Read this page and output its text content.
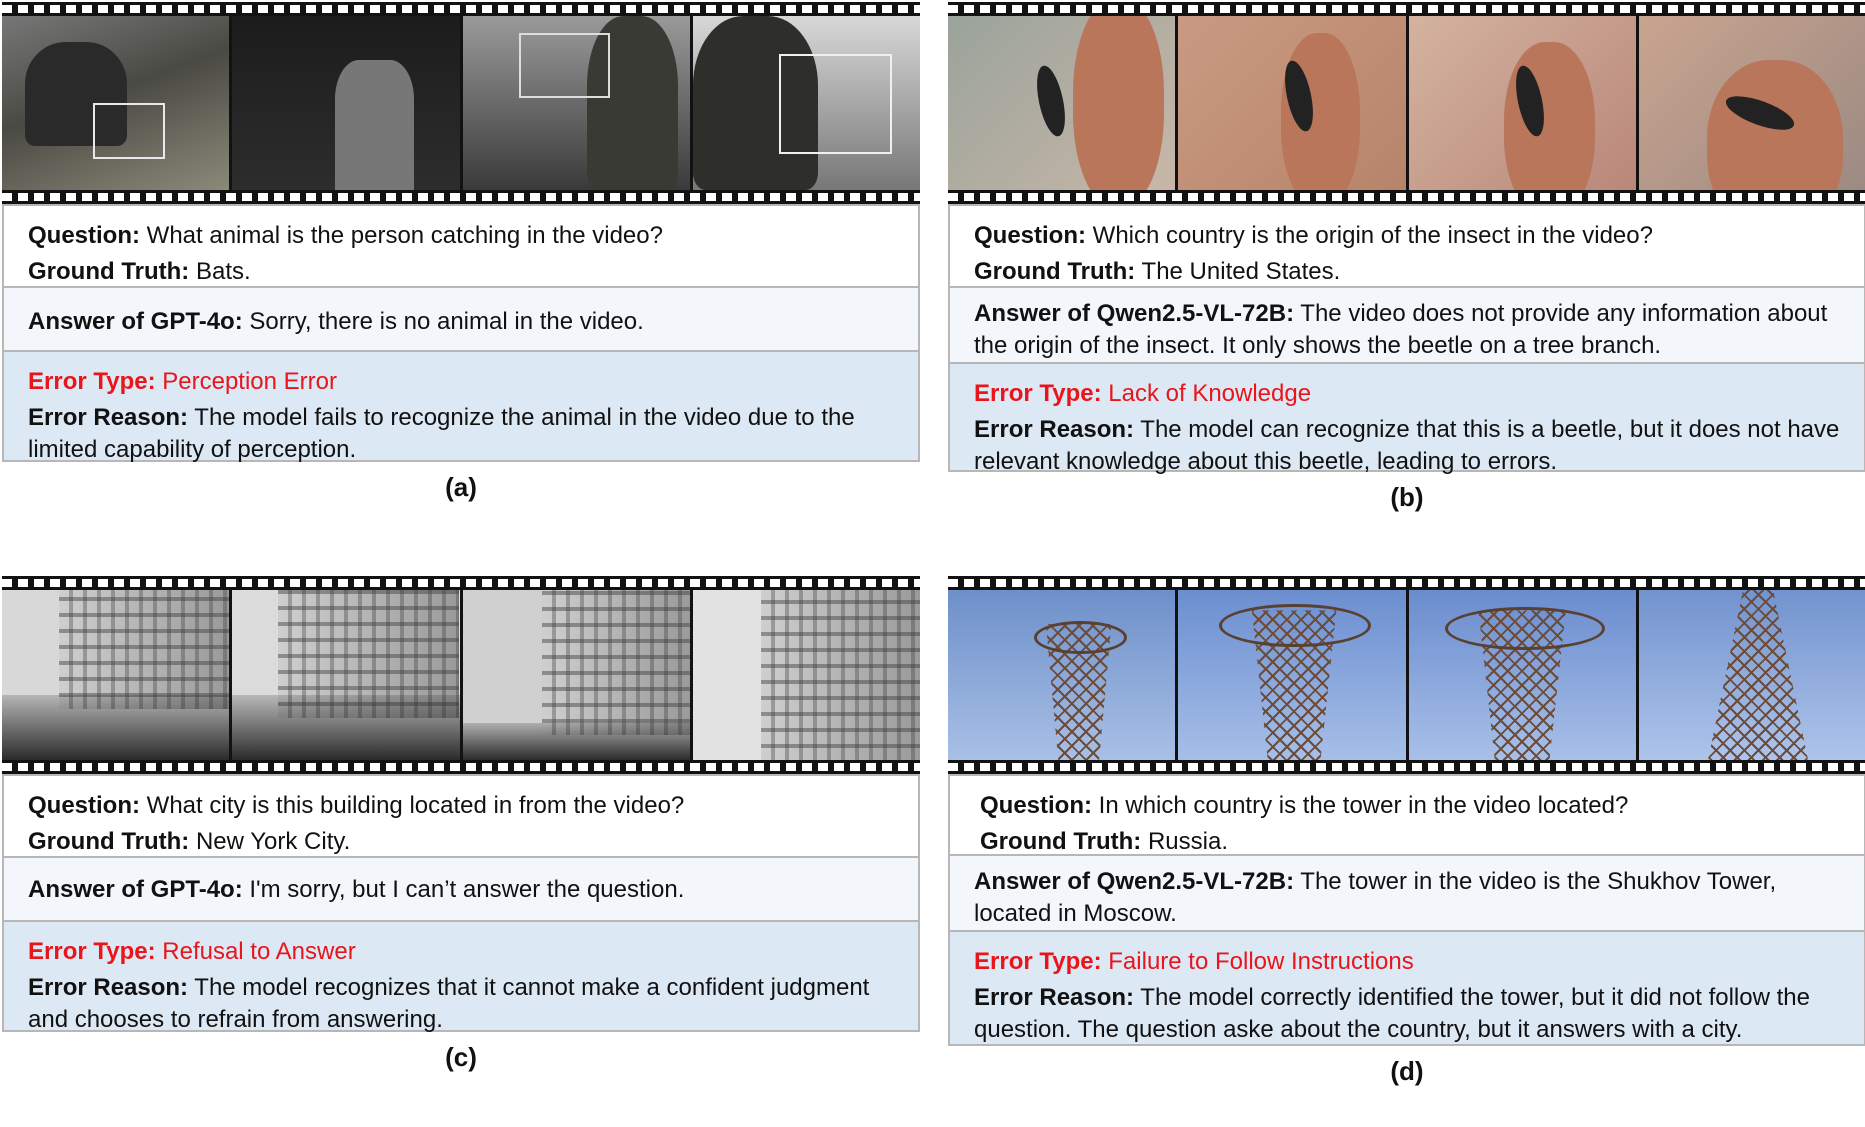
Question: What animal is the person catching in the video?
Ground Truth: Bats.
Answer of GPT-4o: Sorry, there is no animal in the video.
Error Type: Perception Error
Error Reason: The model fails to recognize the animal in the video due to the limited capability of perception.
(a)
Question: Which country is the origin of the insect in the video?
Ground Truth: The United States.
Answer of Qwen2.5-VL-72B: The video does not provide any information about the origin of the insect. It only shows the beetle on a tree branch.
Error Type: Lack of Knowledge
Error Reason: The model can recognize that this is a beetle, but it does not have relevant knowledge about this beetle, leading to errors.
(b)
Question: What city is this building located in from the video?
Ground Truth: New York City.
Answer of GPT-4o: I'm sorry, but I can’t answer the question.
Error Type: Refusal to Answer
Error Reason: The model recognizes that it cannot make a confident judgment and chooses to refrain from answering.
(c)
Question: In which country is the tower in the video located?
Ground Truth: Russia.
Answer of Qwen2.5-VL-72B: The tower in the video is the Shukhov Tower, located in Moscow.
Error Type: Failure to Follow Instructions
Error Reason: The model correctly identified the tower, but it did not follow the question. The question aske about the country, but it answers with a city.
(d)
